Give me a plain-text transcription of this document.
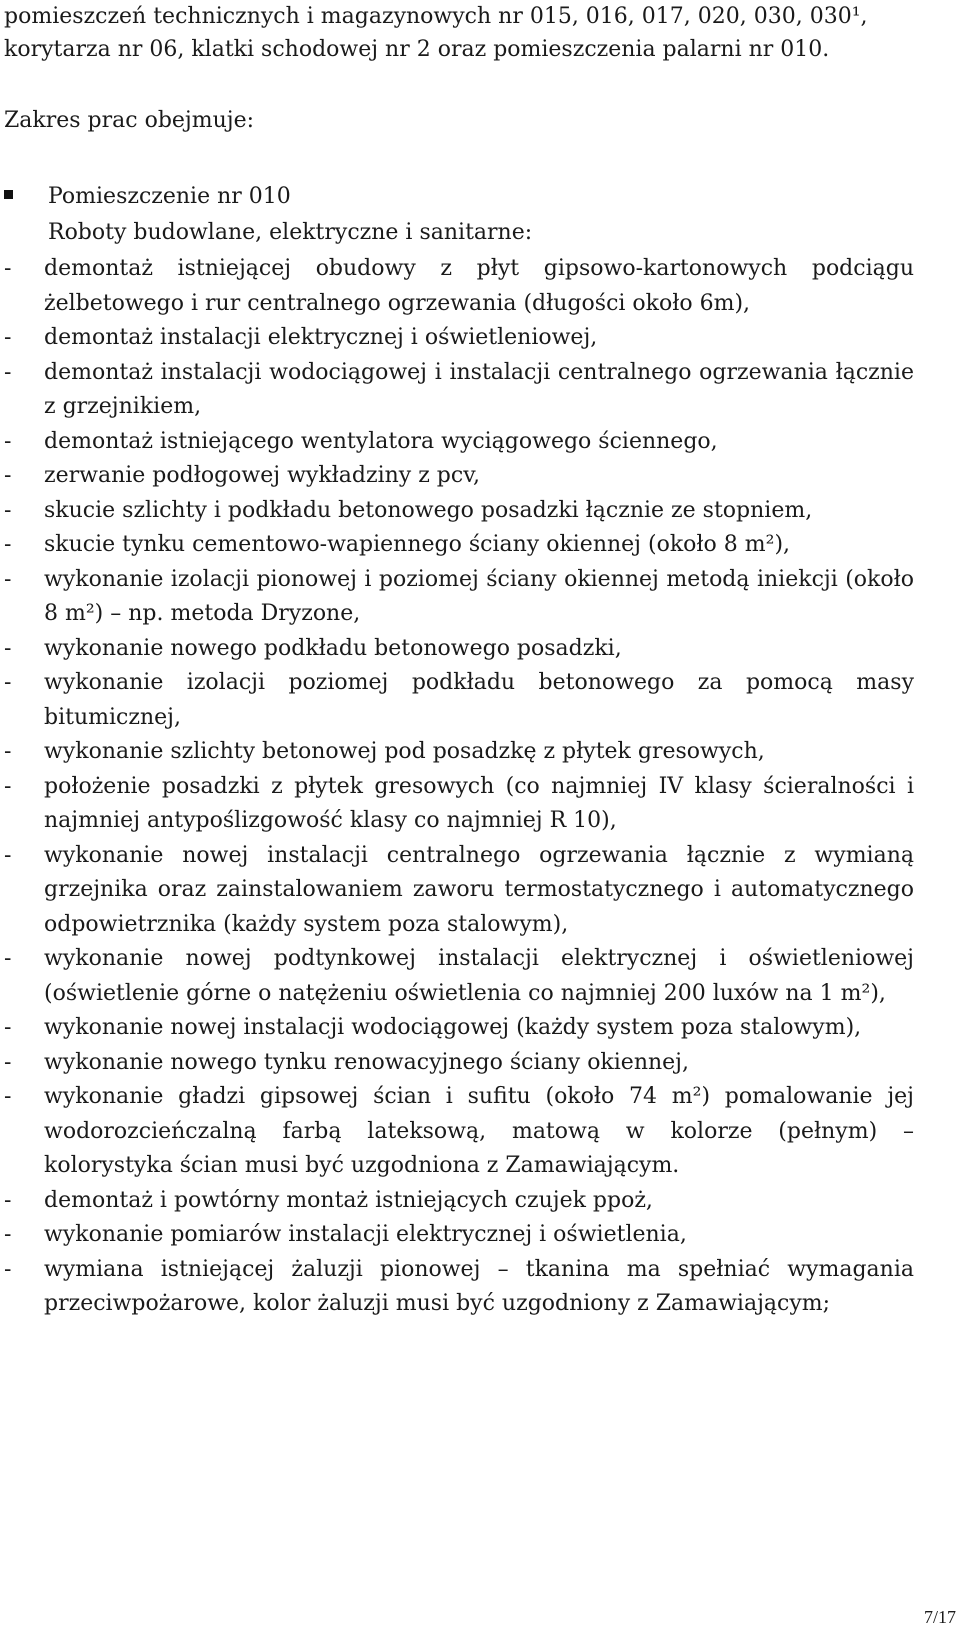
pomieszczeń technicznych i magazynowych nr 015, 016, 017, 020, 030, 030¹,
korytarza nr 06, klatki schodowej nr 2 oraz pomieszczenia palarni nr 010.
Zakres prac obejmuje:
Pomieszczenie nr 010
Roboty budowlane, elektryczne i sanitarne:
-	demontaż istniejącej obudowy z płyt gipsowo-kartonowych podciągu żelbetowego i rur centralnego ogrzewania (długości około 6m),
-	demontaż instalacji elektrycznej i oświetleniowej,
-	demontaż instalacji wodociągowej i instalacji centralnego ogrzewania łącznie z grzejnikiem,
-	demontaż istniejącego wentylatora wyciągowego ściennego,
-	zerwanie podłogowej wykładziny z pcv,
-	skucie szlichty i podkładu betonowego posadzki łącznie ze stopniem,
-	skucie tynku cementowo-wapiennego ściany okiennej (około 8 m²),
-	wykonanie izolacji pionowej i poziomej ściany okiennej metodą iniekcji (około 8 m²) – np. metoda Dryzone,
-	wykonanie nowego podkładu betonowego posadzki,
-	wykonanie izolacji poziomej podkładu betonowego za pomocą masy bitumicznej,
-	wykonanie szlichty betonowej pod posadzkę z płytek gresowych,
-	położenie posadzki z płytek gresowych (co najmniej IV klasy ścieralności i najmniej antypoślizgowość klasy co najmniej R 10),
-	wykonanie nowej instalacji centralnego ogrzewania łącznie z wymianą grzejnika oraz zainstalowaniem zaworu termostatycznego i automatycznego odpowietrznika (każdy system poza stalowym),
-	wykonanie nowej podtynkowej instalacji elektrycznej i oświetleniowej (oświetlenie górne o natężeniu oświetlenia co najmniej 200 luxów na 1 m²),
-	wykonanie nowej instalacji wodociągowej (każdy system poza stalowym),
-	wykonanie nowego tynku renowacyjnego ściany okiennej,
-	wykonanie gładzi gipsowej ścian i sufitu (około 74 m²) pomalowanie jej wodorozcieńczalną farbą lateksową, matową w kolorze (pełnym) – kolorystyka ścian musi być uzgodniona z Zamawiającym.
-	demontaż i powtórny montaż istniejących czujek ppoż,
-	wykonanie pomiarów instalacji elektrycznej i oświetlenia,
-	wymiana istniejącej żaluzji pionowej – tkanina ma spełniać wymagania przeciwpożarowe, kolor żaluzji musi być uzgodniony z Zamawiającym;
7/17
